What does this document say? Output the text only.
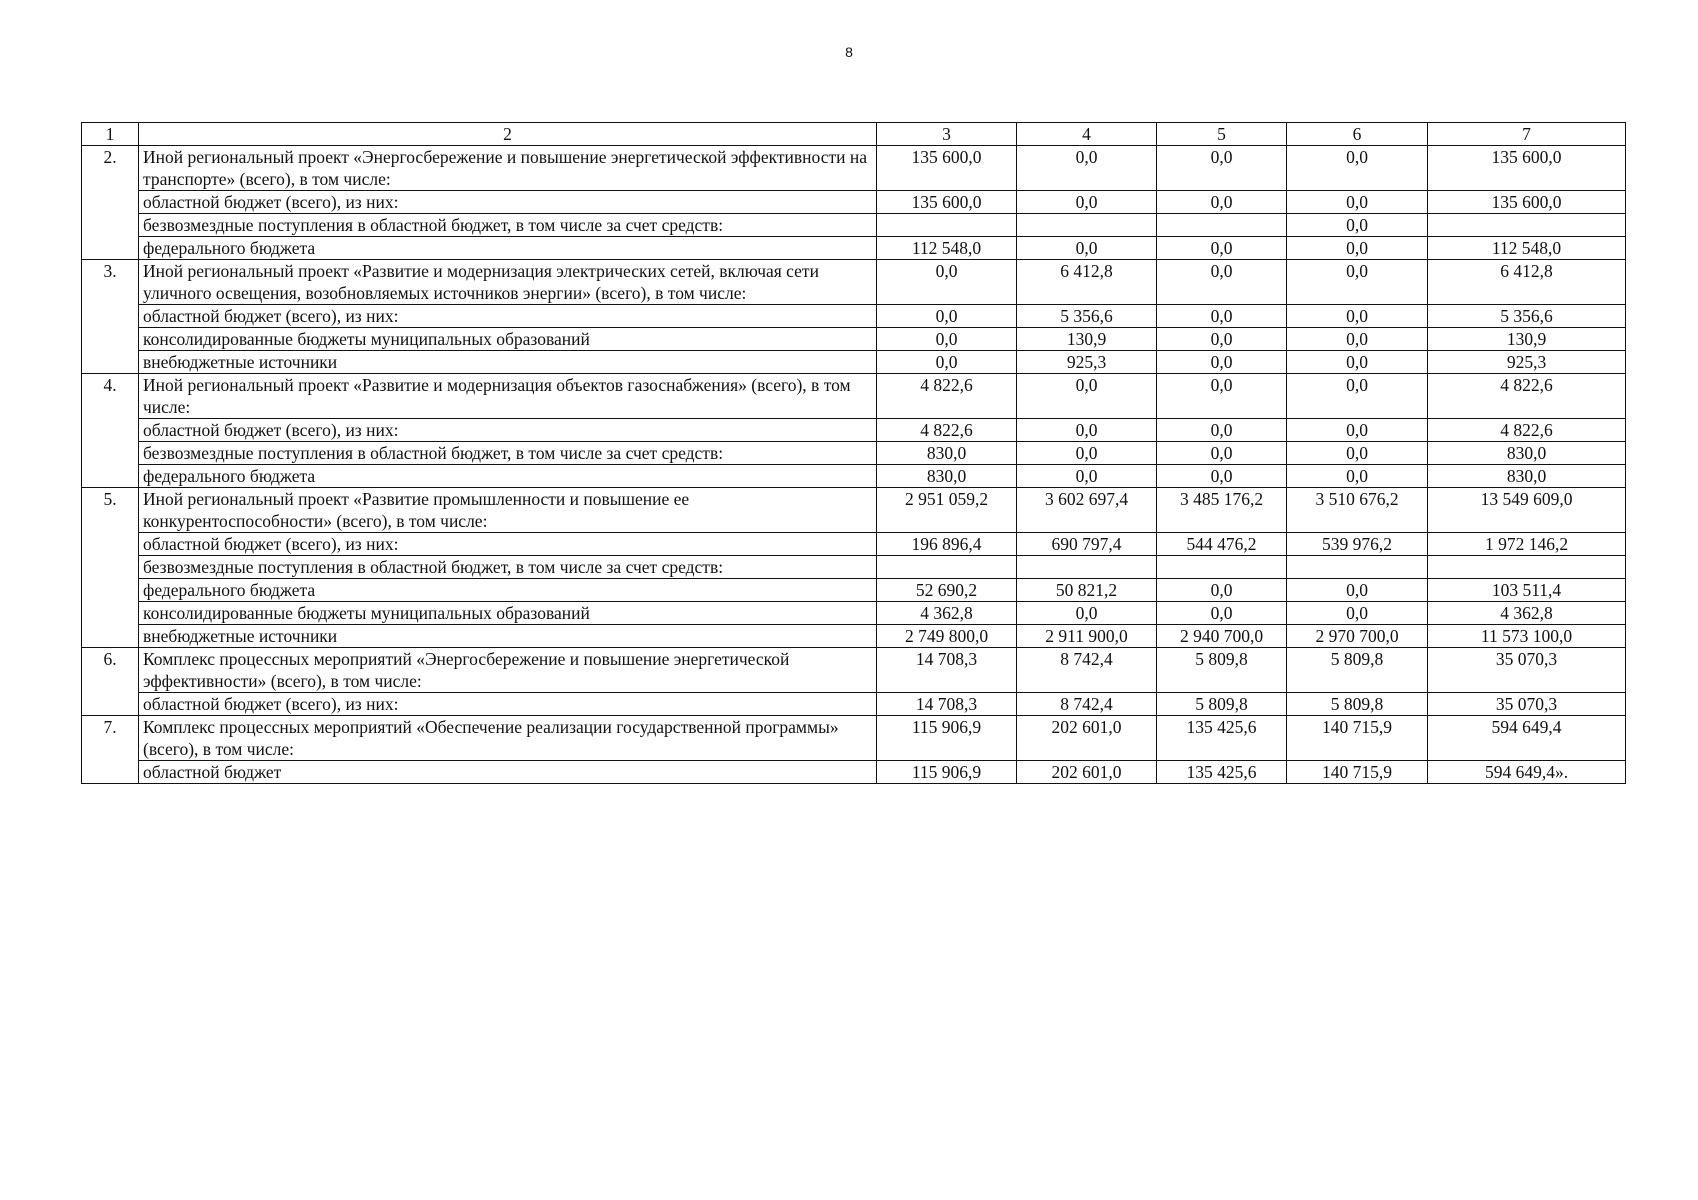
8
1	2	3	4	5	6	7
2.	Иной региональный проект «Энергосбережение и повышение энергетической эффективности на транспорте» (всего), в том числе:	135 600,0	0,0	0,0	0,0	135 600,0
	областной бюджет (всего), из них:	135 600,0	0,0	0,0	0,0	135 600,0
	безвозмездные поступления в областной бюджет, в том числе за счет средств:				0,0	
	федерального бюджета	112 548,0	0,0	0,0	0,0	112 548,0
3.	Иной региональный проект «Развитие и модернизация электрических сетей, включая сети уличного освещения, возобновляемых источников энергии» (всего), в том числе:	0,0	6 412,8	0,0	0,0	6 412,8
	областной бюджет (всего), из них:	0,0	5 356,6	0,0	0,0	5 356,6
	консолидированные бюджеты муниципальных образований	0,0	130,9	0,0	0,0	130,9
	внебюджетные источники	0,0	925,3	0,0	0,0	925,3
4.	Иной региональный проект «Развитие и модернизация объектов газоснабжения» (всего), в том числе:	4 822,6	0,0	0,0	0,0	4 822,6
	областной бюджет (всего), из них:	4 822,6	0,0	0,0	0,0	4 822,6
	безвозмездные поступления в областной бюджет, в том числе за счет средств:	830,0	0,0	0,0	0,0	830,0
	федерального бюджета	830,0	0,0	0,0	0,0	830,0
5.	Иной региональный проект «Развитие промышленности и повышение ее конкурентоспособности» (всего), в том числе:	2 951 059,2	3 602 697,4	3 485 176,2	3 510 676,2	13 549 609,0
	областной бюджет (всего), из них:	196 896,4	690 797,4	544 476,2	539 976,2	1 972 146,2
	безвозмездные поступления в областной бюджет, в том числе за счет средств:					
	федерального бюджета	52 690,2	50 821,2	0,0	0,0	103 511,4
	консолидированные бюджеты муниципальных образований	4 362,8	0,0	0,0	0,0	4 362,8
	внебюджетные источники	2 749 800,0	2 911 900,0	2 940 700,0	2 970 700,0	11 573 100,0
6.	Комплекс процессных мероприятий «Энергосбережение и повышение энергетической эффективности» (всего), в том числе:	14 708,3	8 742,4	5 809,8	5 809,8	35 070,3
	областной бюджет (всего), из них:	14 708,3	8 742,4	5 809,8	5 809,8	35 070,3
7.	Комплекс процессных мероприятий «Обеспечение реализации государственной программы» (всего), в том числе:	115 906,9	202 601,0	135 425,6	140 715,9	594 649,4
	областной бюджет	115 906,9	202 601,0	135 425,6	140 715,9	594 649,4».
